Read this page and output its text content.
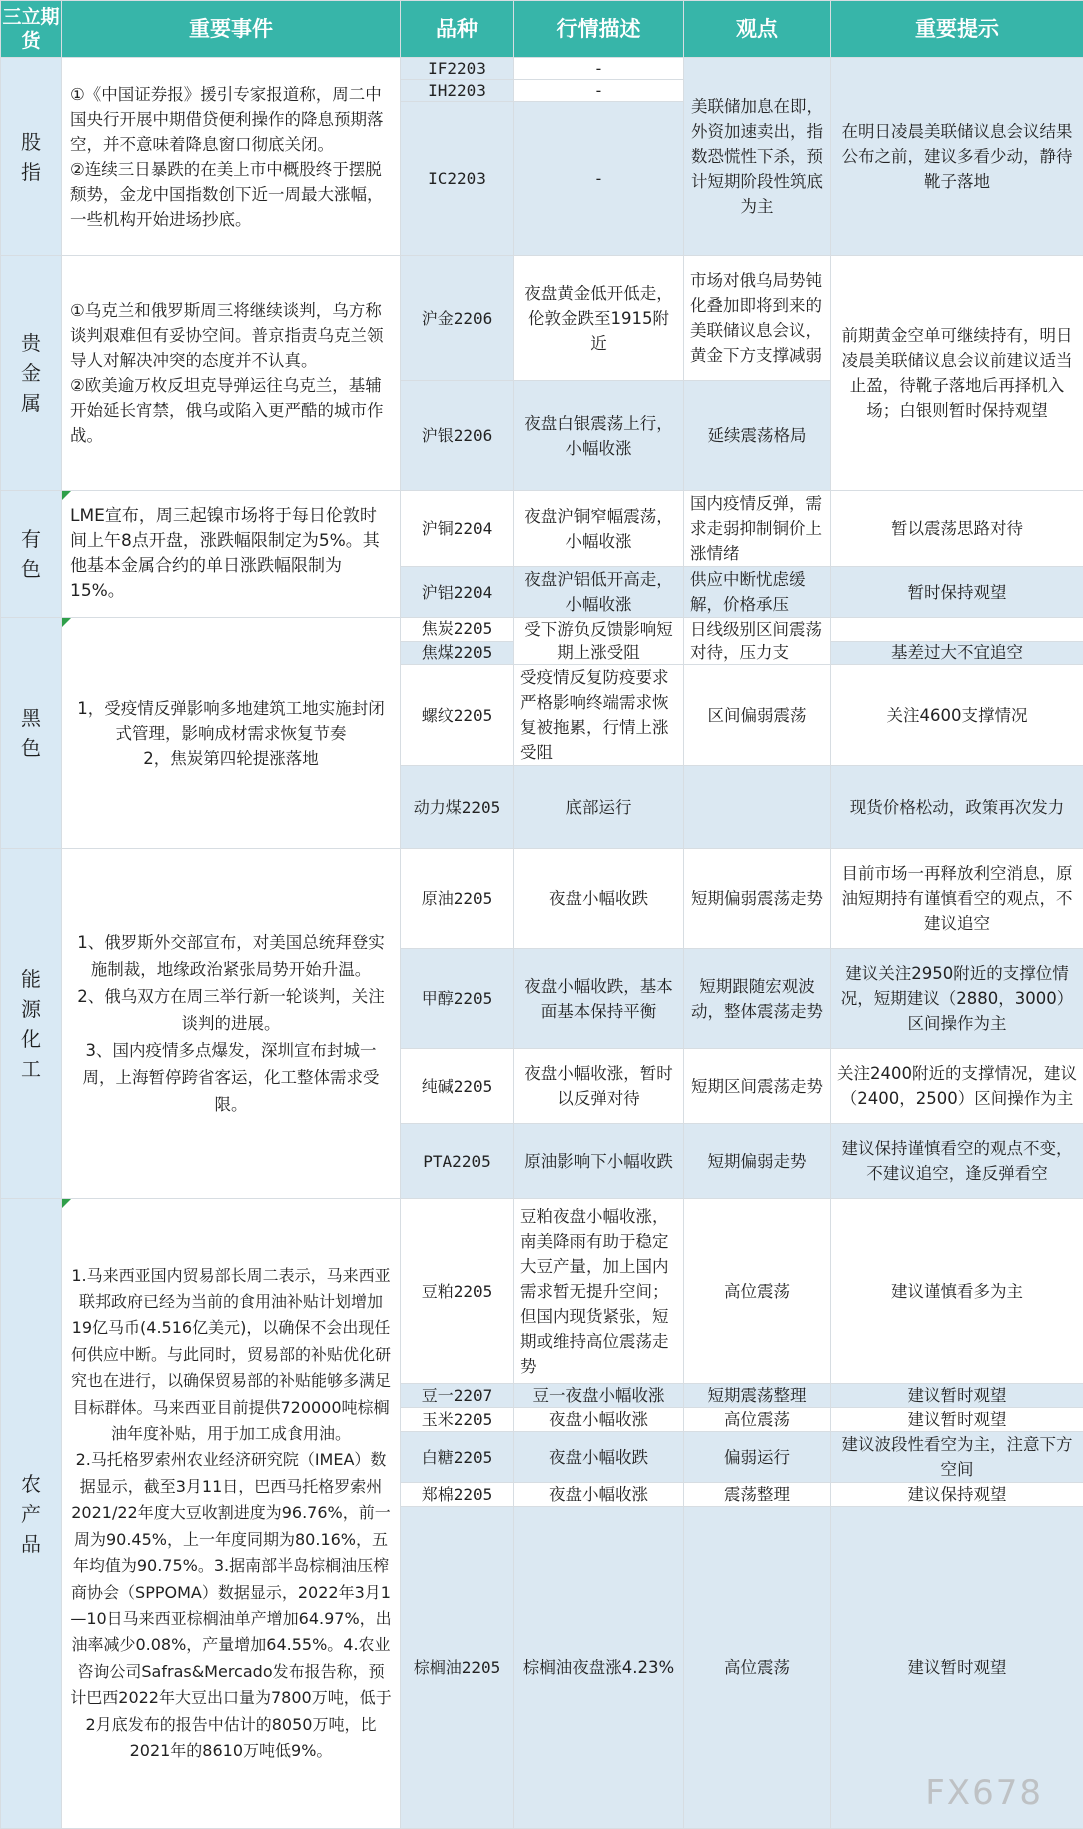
三立期货	重要事件	品种	行情描述	观点	重要提示

股指	①《中国证券报》援引专家报道称，周二中国央行开展中期借贷便利操作的降息预期落空，并不意味着降息窗口彻底关闭。
②连续三日暴跌的在美上市中概股终于摆脱颓势，金龙中国指数创下近一周最大涨幅，一些机构开始进场抄底。	IF2203	-	美联储加息在即，外资加速卖出，指数恐慌性下杀，预计短期阶段性筑底为主	在明日凌晨美联储议息会议结果公布之前，建议多看少动，静待靴子落地
		IH2203	-		
		IC2203	-		

贵金属	①乌克兰和俄罗斯周三将继续谈判，乌方称谈判艰难但有妥协空间。普京指责乌克兰领导人对解决冲突的态度并不认真。
②欧美逾万枚反坦克导弹运往乌克兰，基辅开始延长宵禁，俄乌或陷入更严酷的城市作战。	沪金2206	夜盘黄金低开低走，伦敦金跌至1915附近	市场对俄乌局势钝化叠加即将到来的美联储议息会议，黄金下方支撑减弱	前期黄金空单可继续持有，明日凌晨美联储议息会议前建议适当止盈，待靴子落地后再择机入场；白银则暂时保持观望
		沪银2206	夜盘白银震荡上行，小幅收涨	延续震荡格局	

有色	LME宣布，周三起镍市场将于每日伦敦时间上午8点开盘，涨跌幅限制定为5%。其他基本金属合约的单日涨跌幅限制为15%。	沪铜2204	夜盘沪铜窄幅震荡，小幅收涨	国内疫情反弹，需求走弱抑制铜价上涨情绪	暂以震荡思路对待
		沪铝2204	夜盘沪铝低开高走，小幅收涨	供应中断忧虑缓解，价格承压	暂时保持观望

黑色	1，受疫情反弹影响多地建筑工地实施封闭式管理，影响成材需求恢复节奏
2，焦炭第四轮提涨落地	焦炭2205	受下游负反馈影响短期上涨受阻	日线级别区间震荡对待，压力支	
		焦煤2205			基差过大不宜追空
		螺纹2205	受疫情反复防疫要求严格影响终端需求恢复被拖累，行情上涨受阻	区间偏弱震荡	关注4600支撑情况
		动力煤2205	底部运行		现货价格松动，政策再次发力

能源化工	1、俄罗斯外交部宣布，对美国总统拜登实施制裁，地缘政治紧张局势开始升温。
2、俄乌双方在周三举行新一轮谈判，关注谈判的进展。
3、国内疫情多点爆发，深圳宣布封城一周，上海暂停跨省客运，化工整体需求受限。	原油2205	夜盘小幅收跌	短期偏弱震荡走势	目前市场一再释放利空消息，原油短期持有谨慎看空的观点，不建议追空
		甲醇2205	夜盘小幅收跌，基本面基本保持平衡	短期跟随宏观波动，整体震荡走势	建议关注2950附近的支撑位情况，短期建议（2880，3000）区间操作为主
		纯碱2205	夜盘小幅收涨，暂时以反弹对待	短期区间震荡走势	关注2400附近的支撑情况，建议（2400，2500）区间操作为主
		PTA2205	原油影响下小幅收跌	短期偏弱走势	建议保持谨慎看空的观点不变，不建议追空，逢反弹看空

农产品	1.马来西亚国内贸易部长周二表示，马来西亚联邦政府已经为当前的食用油补贴计划增加19亿马币(4.516亿美元)，以确保不会出现任何供应中断。与此同时，贸易部的补贴优化研究也在进行，以确保贸易部的补贴能够多满足目标群体。马来西亚目前提供720000吨棕榈油年度补贴，用于加工成食用油。
2.马托格罗索州农业经济研究院（IMEA）数据显示，截至3月11日，巴西马托格罗索州2021/22年度大豆收割进度为96.76%，前一周为90.45%，上一年度同期为80.16%，五年均值为90.75%。3.据南部半岛棕榈油压榨商协会（SPPOMA）数据显示，2022年3月1—10日马来西亚棕榈油单产增加64.97%，出油率减少0.08%，产量增加64.55%。4.农业咨询公司Safras&Mercado发布报告称，预计巴西2022年大豆出口量为7800万吨，低于2月底发布的报告中估计的8050万吨，比2021年的8610万吨低9%。	豆粕2205	豆粕夜盘小幅收涨，南美降雨有助于稳定大豆产量，加上国内需求暂无提升空间；但国内现货紧张，短期或维持高位震荡走势	高位震荡	建议谨慎看多为主
		豆一2207	豆一夜盘小幅收涨	短期震荡整理	建议暂时观望
		玉米2205	夜盘小幅收涨	高位震荡	建议暂时观望
		白糖2205	夜盘小幅收跌	偏弱运行	建议波段性看空为主，注意下方空间
		郑棉2205	夜盘小幅收涨	震荡整理	建议保持观望
		棕榈油2205	棕榈油夜盘涨4.23%	高位震荡	建议暂时观望
FX678
